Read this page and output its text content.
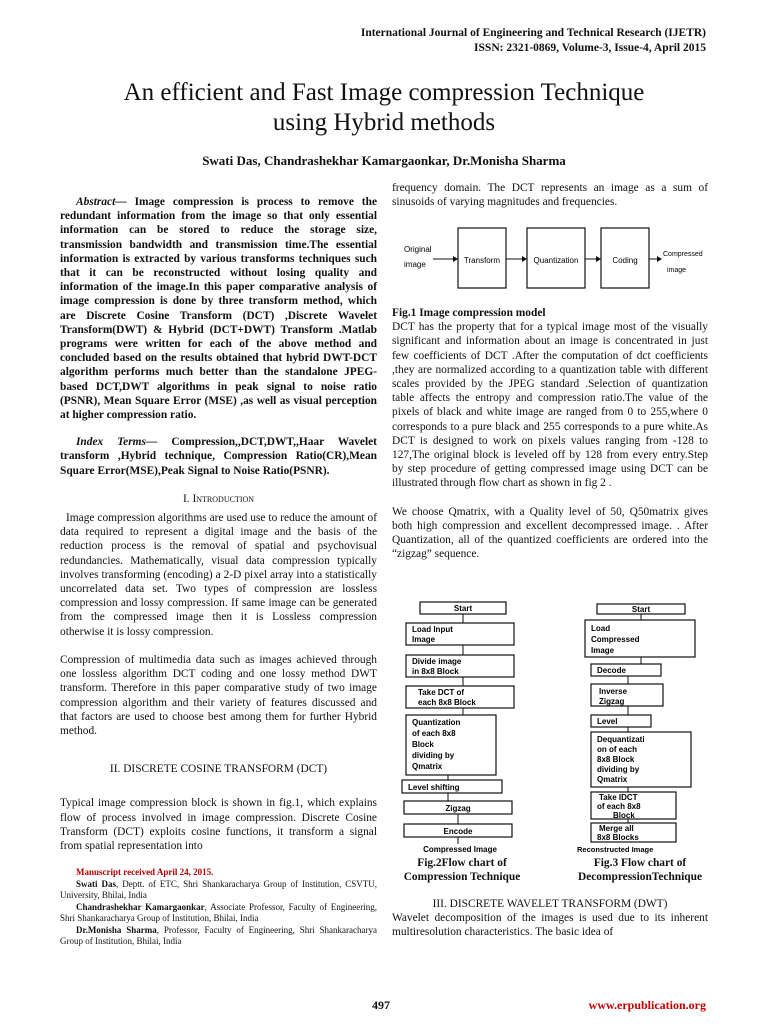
International Journal of Engineering and Technical Research (IJETR)
ISSN: 2321-0869, Volume-3, Issue-4, April 2015
An efficient and Fast Image compression Technique
using Hybrid methods
Swati Das, Chandrashekhar Kamargaonkar, Dr.Monisha Sharma

Abstract— Image compression is process to remove the redundant information from the image so that only essential information can be stored to reduce the storage size, transmission bandwidth and transmission time.The essential information is extracted by various transforms techniques such that it can be reconstructed without losing quality and information of the image.In this paper comparative analysis of image compression is done by three transform method, which are Discrete Cosine Transform (DCT) ,Discrete Wavelet Transform(DWT) & Hybrid (DCT+DWT) Transform .Matlab programs were written for each of the above method and concluded based on the results obtained that hybrid DWT-DCT algorithm performs much better than the standalone JPEG-based DCT,DWT algorithms in peak signal to noise ratio (PSNR), Mean Square Error (MSE) ,as well as visual perception at higher compression ratio.

Index Terms— Compression,,DCT,DWT,,Haar Wavelet transform ,Hybrid technique, Compression Ratio(CR),Mean Square Error(MSE),Peak Signal to Noise Ratio(PSNR).

I. Introduction

Image compression algorithms are used use to reduce the amount of data required to represent a digital image and the basis of the reduction process is the removal of spatial and psychovisual redundancies. Mathematically, visual data compression typically involves transforming (encoding) a 2-D pixel array into a statistically uncorrelated data set. Two types of compression are lossless compression and lossy compression. If same image can be generated from the compressed image then it is Lossless compression otherwise it is lossy compression.

Compression of multimedia data such as images achieved through one lossless algorithm DCT coding and one lossy method DWT transform. Therefore in this paper comparative study of two image compression algorithm and their variety of features discussed and that factors are used to choose best among them for further Hybrid method.

II. DISCRETE COSINE TRANSFORM (DCT)

Typical image compression block is shown in fig.1, which explains flow of process involved in image compression. Discrete Cosine Transform (DCT) exploits cosine functions, it transform a signal from spatial representation into

Manuscript received April 24, 2015.

Swati Das, Deptt. of ETC, Shri Shankaracharya Group of Institution, CSVTU, University, Bhilai, India

Chandrashekhar Kamargaonkar, Associate Professor, Faculty of Engineering, Shri Shankaracharya Group of Institution, Bhilai, India

Dr.Monisha Sharma, Professor, Faculty of Engineering, Shri Shankaracharya Group of Institution, Bhilai, India

frequency domain. The DCT represents an image as a sum of sinusoids of varying magnitudes and frequencies.

Original
image	Transform	Quantization	Coding
Compressed
image

Fig.1 Image compression model

DCT has the property that for a typical image most of the visually significant and information about an image is concentrated in just few coefficients of DCT .After the computation of dct coefficients ,they are normalized according to a quantization table with different scales provided by the JPEG standard .Selection of quantization table affects the entropy and compression ratio.The value of the pixels of black and white image are ranged from 0 to 255,where 0 corresponds to a pure black and 255 corresponds to a pure white.As DCT is designed to work on pixels values ranging from -128 to 127,The original block is leveled off by 128 from every entry.Step by step procedure of getting compressed image using DCT can be illustrated through flow chart as shown in fig 2 .

We choose Qmatrix, with a Quality level of 50, Q50matrix gives both high compression and excellent decompressed image. . After Quantization, all of the quantized coefficients are ordered into the “zigzag” sequence.

Start
Load Input
Image
Divide image
in 8x8 Block
Take DCT of
each 8x8 Block
Quantization
of each 8x8
Block
dividing by
Qmatrix
Level shifting
Zigzag
Encode
Compressed Image
Start
Load
Compressed
Image
Decode
Inverse
Zigzag
Level
Dequantizati
on of each
8x8 Block
dividing by
Qmatrix
Take IDCT
of each 8x8
Block
Merge all
8x8 Blocks
Reconstructed Image
Fig.2Flow chart of
Compression Technique
Fig.3 Flow chart of
DecompressionTechnique

III. DISCRETE WAVELET TRANSFORM (DWT)

Wavelet decomposition of the images is used due to its inherent multiresolution characteristics. The basic idea of

497	www.erpublication.org
